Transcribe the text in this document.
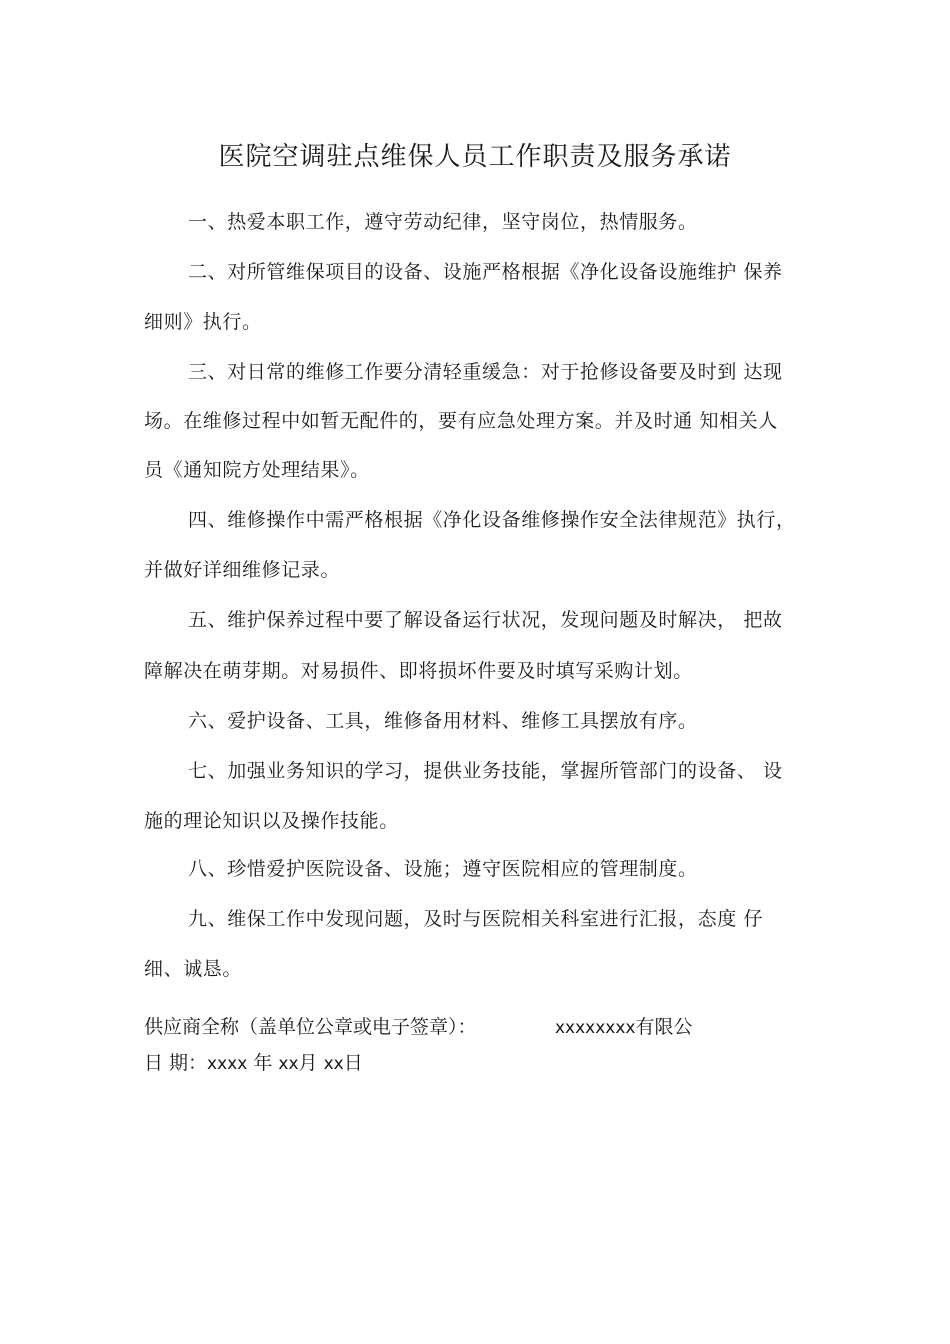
医院空调驻点维保人员工作职责及服务承诺

一、热爱本职工作，遵守劳动纪律，坚守岗位，热情服务。

二、对所管维保项目的设备、设施严格根据《净化设备设施维护 保养

细则》执行。

三、对日常的维修工作要分清轻重缓急：对于抢修设备要及时到 达现

场。在维修过程中如暂无配件的，要有应急处理方案。并及时通 知相关人

员《通知院方处理结果》。

四、维修操作中需严格根据《净化设备维修操作安全法律规范》执行，

并做好详细维修记录。

五、维护保养过程中要了解设备运行状况，发现问题及时解决， 把故

障解决在萌芽期。对易损件、即将损坏件要及时填写采购计划。

六、爱护设备、工具，维修备用材料、维修工具摆放有序。

七、加强业务知识的学习，提供业务技能，掌握所管部门的设备、 设

施的理论知识以及操作技能。

八、珍惜爱护医院设备、设施；遵守医院相应的管理制度。

九、维保工作中发现问题，及时与医院相关科室进行汇报，态度 仔

细、诚恳。

供应商全称（盖单位公章或电子签章）：	xxxxxxxx有限公
日 期：xxxx 年 xx月 xx日
